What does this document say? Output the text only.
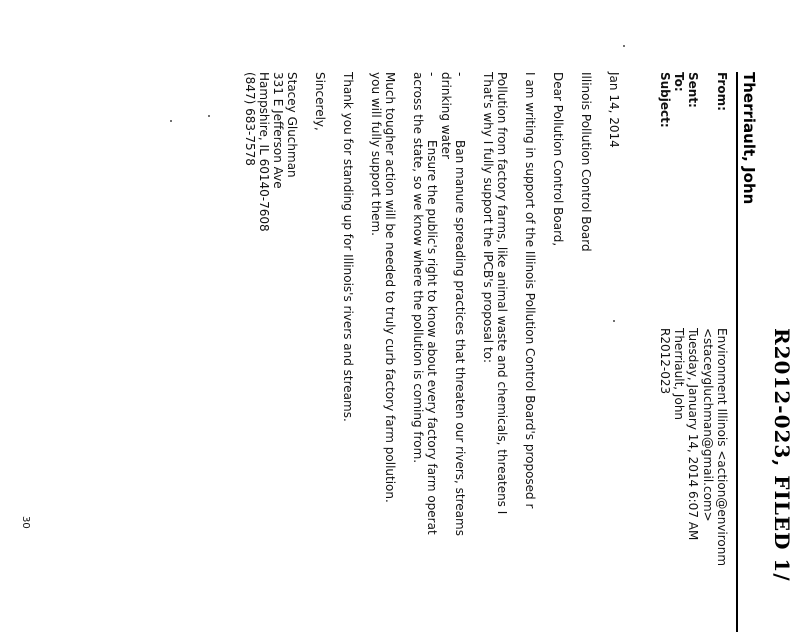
R2012-023, FILED 1/
Therriault, John
From:
Environment Illinois <action@environm
<staceygluchman@gmail.com>
Sent:
Tuesday, January 14, 2014 6:07 AM
To:
Therriault, John
Subject:
R2012-023
Jan 14, 2014
Illinois Pollution Control Board
Dear Pollution Control Board,
I am writing in support of the Illinois Pollution Control Board's proposed r
Pollution from factory farms, like animal waste and chemicals, threatens I
That's why I fully support the IPCB's proposal to:
-
Ban manure spreading practices that threaten our rivers, streams
drinking water
-
Ensure the public's right to know about every factory farm operat
across the state, so we know where the pollution is coming from.
Much tougher action will be needed to truly curb factory farm pollution.
you will fully support them.
Thank you for standing up for Illinois's rivers and streams.
Sincerely,
Stacey Gluchman
331 E Jefferson Ave
Hampshire, IL 60140-7608
(847) 683-7578
30
